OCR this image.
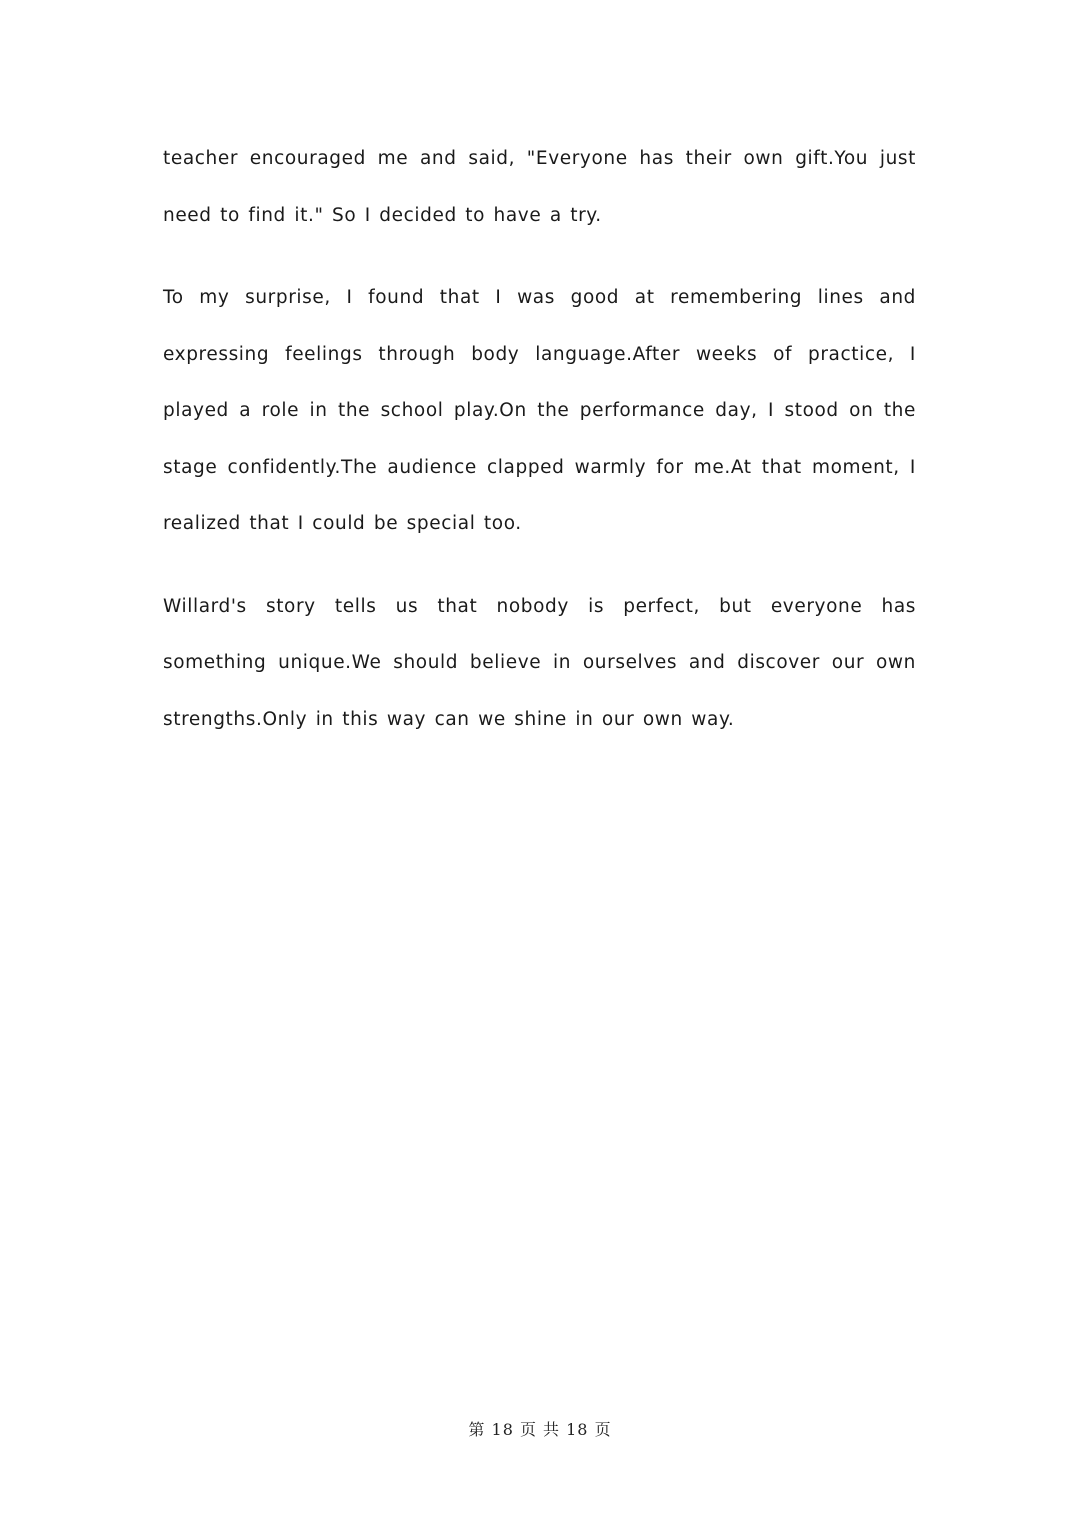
teacher encouraged me and said, "Everyone has their own gift.You just need to find it." So I decided to have a try.

To my surprise, I found that I was good at remembering lines and expressing feelings through body language.After weeks of practice, I played a role in the school play.On the performance day, I stood on the stage confidently.The audience clapped warmly for me.At that moment, I realized that I could be special too.

Willard's story tells us that nobody is perfect, but everyone has something unique.We should believe in ourselves and discover our own strengths.Only in this way can we shine in our own way.

第 18 页 共 18 页
